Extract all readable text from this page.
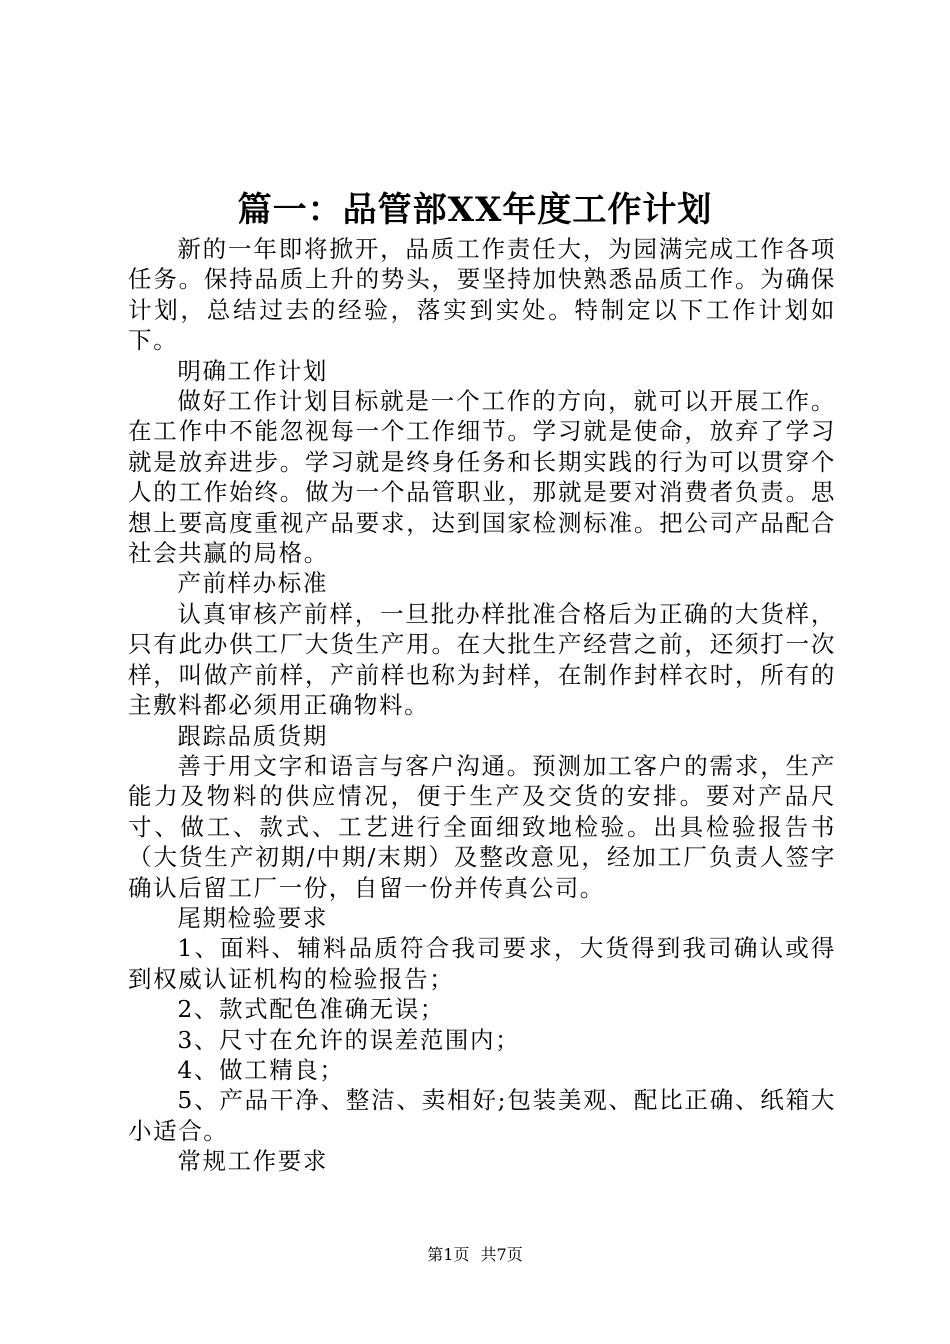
篇一：品管部XX年度工作计划

新的一年即将掀开，品质工作责任大，为园满完成工作各项任务。保持品质上升的势头，要坚持加快熟悉品质工作。为确保计划，总结过去的经验，落实到实处。特制定以下工作计划如下。

明确工作计划

做好工作计划目标就是一个工作的方向，就可以开展工作。在工作中不能忽视每一个工作细节。学习就是使命，放弃了学习就是放弃进步。学习就是终身任务和长期实践的行为可以贯穿个人的工作始终。做为一个品管职业，那就是要对消费者负责。思想上要高度重视产品要求，达到国家检测标准。把公司产品配合社会共赢的局格。

产前样办标准

认真审核产前样，一旦批办样批准合格后为正确的大货样，只有此办供工厂大货生产用。在大批生产经营之前，还须打一次样，叫做产前样，产前样也称为封样，在制作封样衣时，所有的主敷料都必须用正确物料。

跟踪品质货期

善于用文字和语言与客户沟通。预测加工客户的需求，生产能力及物料的供应情况，便于生产及交货的安排。要对产品尺寸、做工、款式、工艺进行全面细致地检验。出具检验报告书（大货生产初期/中期/末期）及整改意见，经加工厂负责人签字确认后留工厂一份，自留一份并传真公司。

尾期检验要求

1、面料、辅料品质符合我司要求，大货得到我司确认或得到权威认证机构的检验报告；

2、款式配色准确无误；

3、尺寸在允许的误差范围内；

4、做工精良；

5、产品干净、整洁、卖相好;包装美观、配比正确、纸箱大小适合。

常规工作要求

第1页 共7页
